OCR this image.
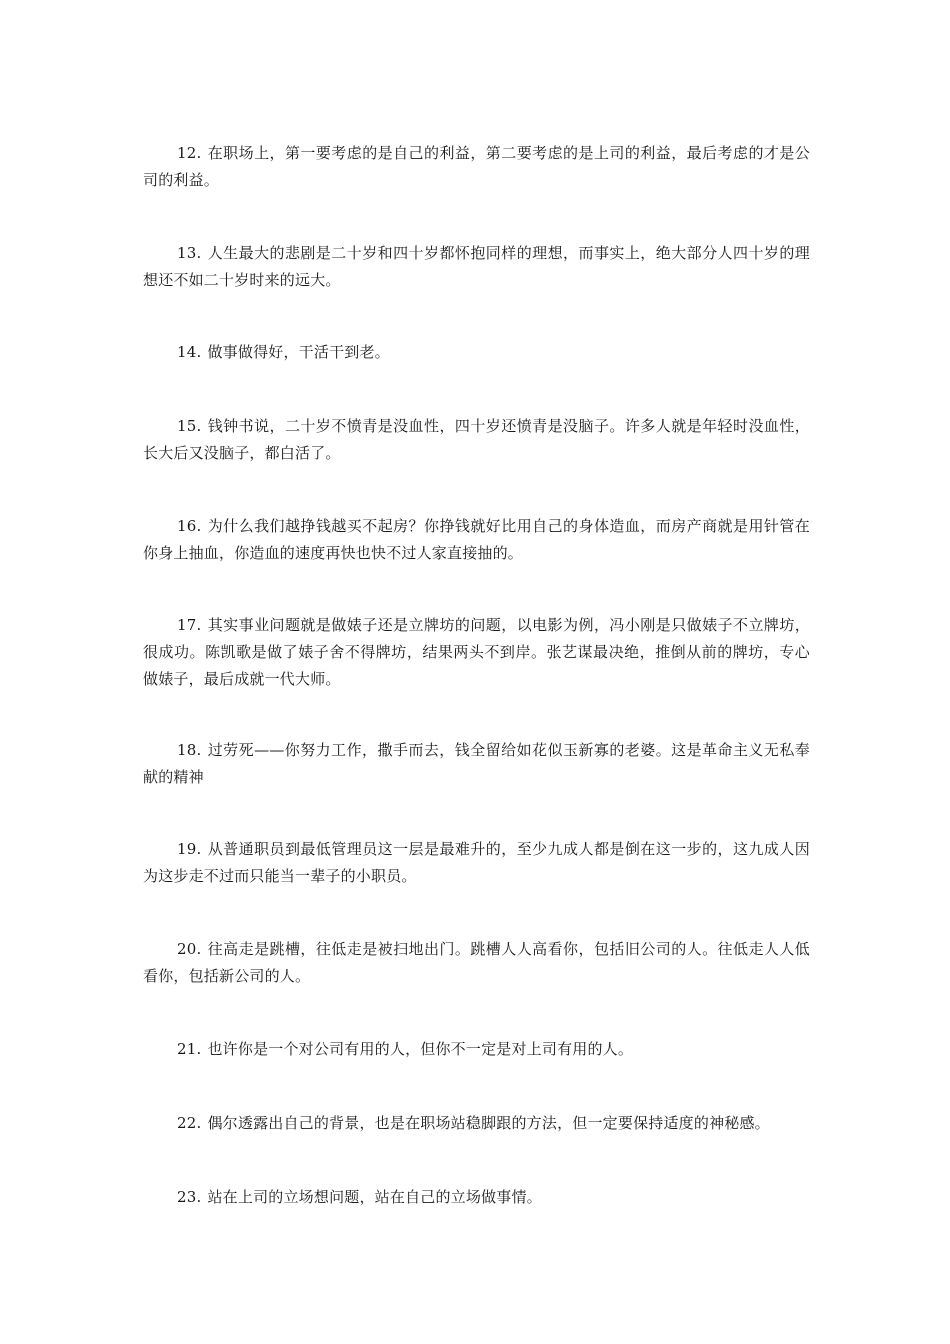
12. 在职场上，第一要考虑的是自己的利益，第二要考虑的是上司的利益，最后考虑的才是公司的利益。

13. 人生最大的悲剧是二十岁和四十岁都怀抱同样的理想，而事实上，绝大部分人四十岁的理想还不如二十岁时来的远大。

14. 做事做得好，干活干到老。

15. 钱钟书说，二十岁不愤青是没血性，四十岁还愤青是没脑子。许多人就是年轻时没血性，长大后又没脑子，都白活了。

16. 为什么我们越挣钱越买不起房？你挣钱就好比用自己的身体造血，而房产商就是用针管在你身上抽血，你造血的速度再快也快不过人家直接抽的。

17. 其实事业问题就是做婊子还是立牌坊的问题，以电影为例，冯小刚是只做婊子不立牌坊，很成功。陈凯歌是做了婊子舍不得牌坊，结果两头不到岸。张艺谋最决绝，推倒从前的牌坊，专心做婊子，最后成就一代大师。

18. 过劳死——你努力工作，撒手而去，钱全留给如花似玉新寡的老婆。这是革命主义无私奉献的精神

19. 从普通职员到最低管理员这一层是最难升的，至少九成人都是倒在这一步的，这九成人因为这步走不过而只能当一辈子的小职员。

20. 往高走是跳槽，往低走是被扫地出门。跳槽人人高看你，包括旧公司的人。往低走人人低看你，包括新公司的人。

21. 也许你是一个对公司有用的人，但你不一定是对上司有用的人。

22. 偶尔透露出自己的背景，也是在职场站稳脚跟的方法，但一定要保持适度的神秘感。

23. 站在上司的立场想问题，站在自己的立场做事情。
